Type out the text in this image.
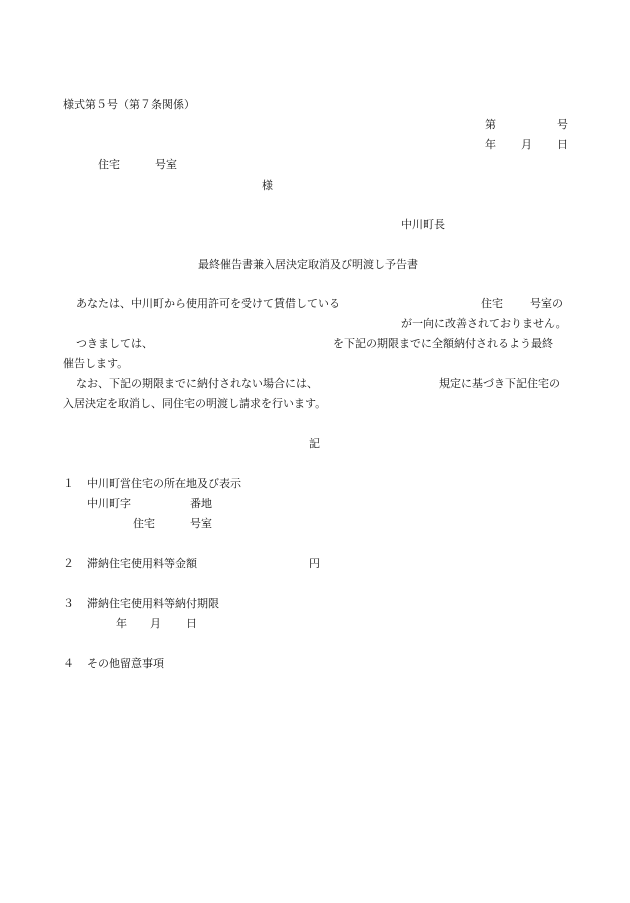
様式第５号（第７条関係）
第	号
年 月 日
住宅	号室
様
中川町長
最終催告書兼入居決定取消及び明渡し予告書
あなたは、中川町から使用許可を受けて賃借している	住宅 号室の
が一向に改善されておりません。
つきましては、	を下記の期限までに全額納付されるよう最終
催告します。
なお、下記の期限までに納付されない場合には、	規定に基づき下記住宅の
入居決定を取消し、同住宅の明渡し請求を行います。
記
１ 中川町営住宅の所在地及び表示
中川町字	番地
住宅	号室
２ 滞納住宅使用料等金額	円
３ 滞納住宅使用料等納付期限
年 月 日
４ その他留意事項
